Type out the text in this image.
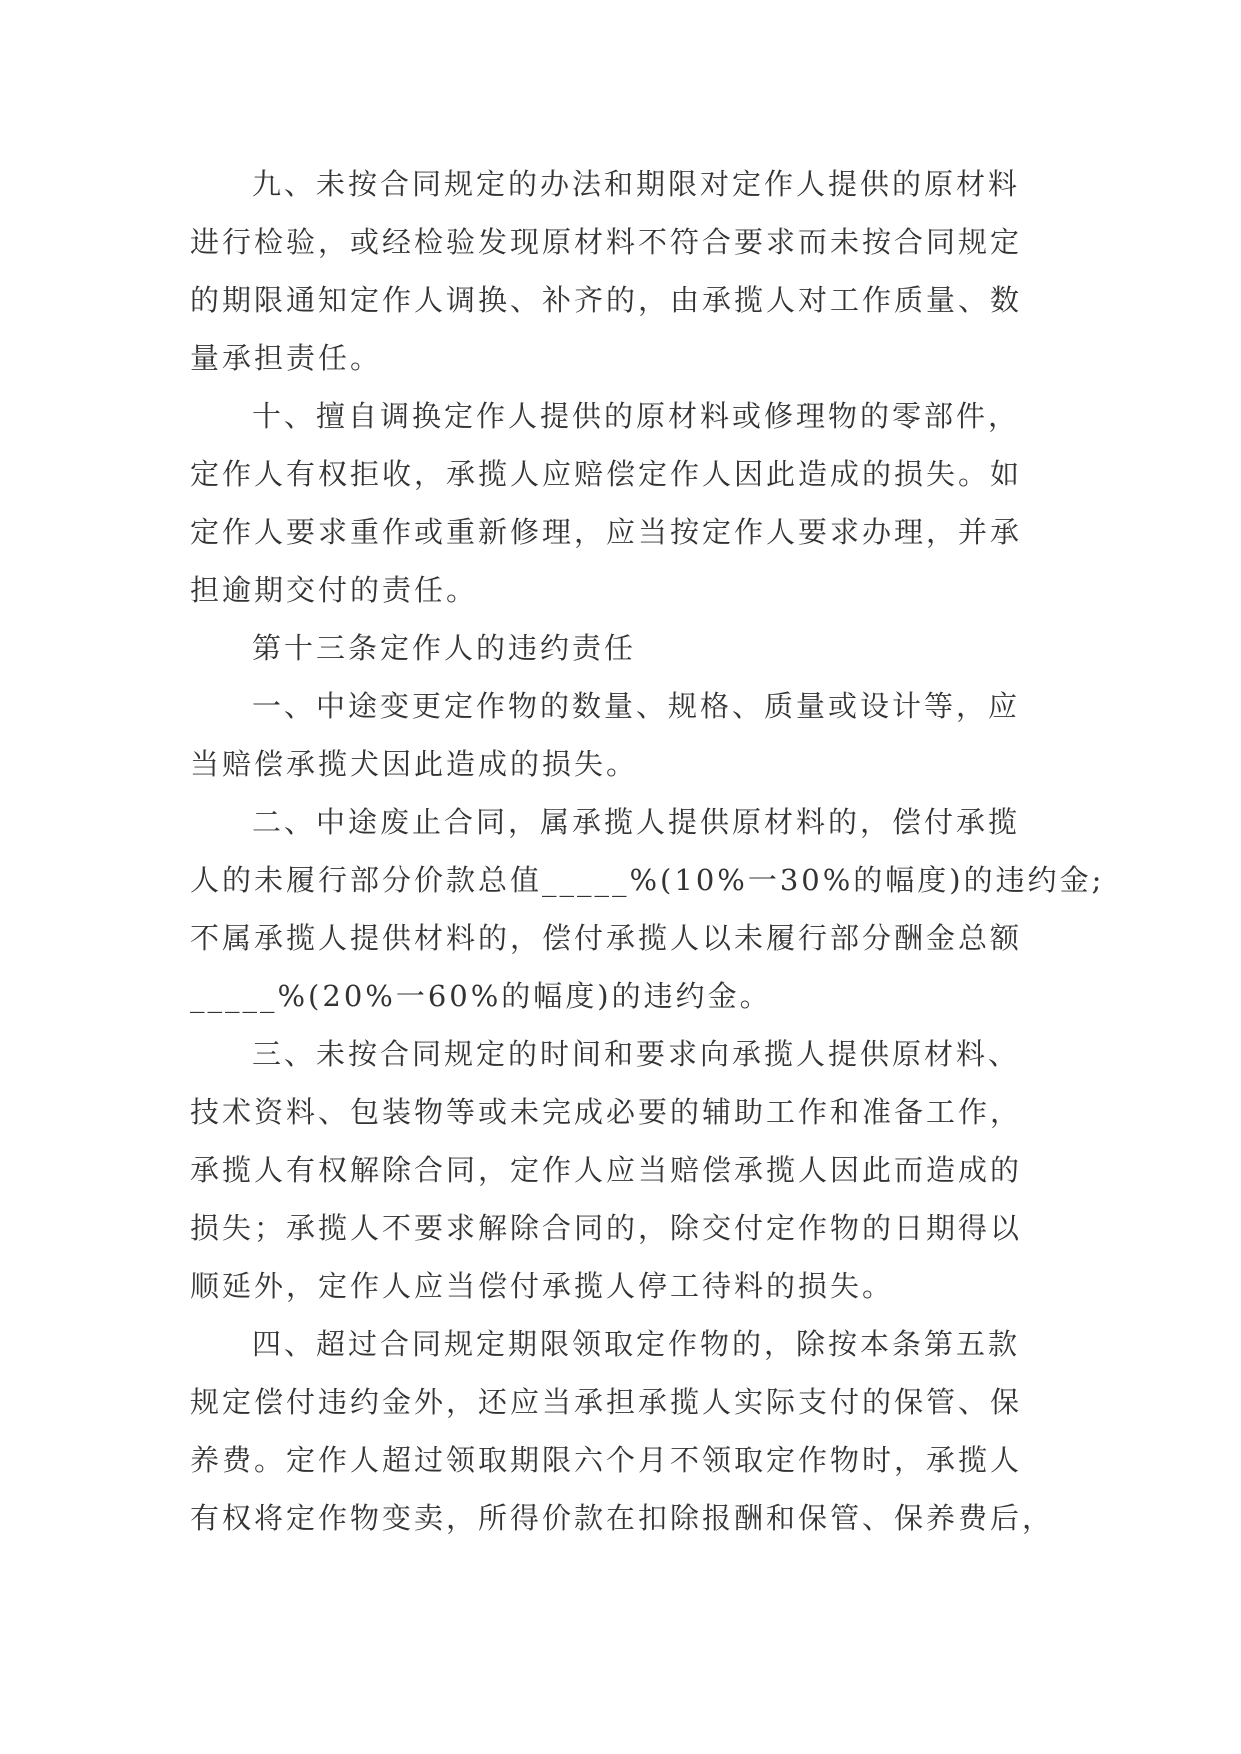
九、未按合同规定的办法和期限对定作人提供的原材料
进行检验，或经检验发现原材料不符合要求而未按合同规定
的期限通知定作人调换、补齐的，由承揽人对工作质量、数
量承担责任。

十、擅自调换定作人提供的原材料或修理物的零部件，
定作人有权拒收，承揽人应赔偿定作人因此造成的损失。如
定作人要求重作或重新修理，应当按定作人要求办理，并承
担逾期交付的责任。

第十三条定作人的违约责任

一、中途变更定作物的数量、规格、质量或设计等，应
当赔偿承揽犬因此造成的损失。

二、中途废止合同，属承揽人提供原材料的，偿付承揽
人的未履行部分价款总值_____%(10%一30%的幅度)的违约金;
不属承揽人提供材料的，偿付承揽人以未履行部分酬金总额
_____%(20%一60%的幅度)的违约金。

三、未按合同规定的时间和要求向承揽人提供原材料、
技术资料、包装物等或未完成必要的辅助工作和准备工作，
承揽人有权解除合同，定作人应当赔偿承揽人因此而造成的
损失；承揽人不要求解除合同的，除交付定作物的日期得以
顺延外，定作人应当偿付承揽人停工待料的损失。

四、超过合同规定期限领取定作物的，除按本条第五款
规定偿付违约金外，还应当承担承揽人实际支付的保管、保
养费。定作人超过领取期限六个月不领取定作物时，承揽人
有权将定作物变卖，所得价款在扣除报酬和保管、保养费后，
